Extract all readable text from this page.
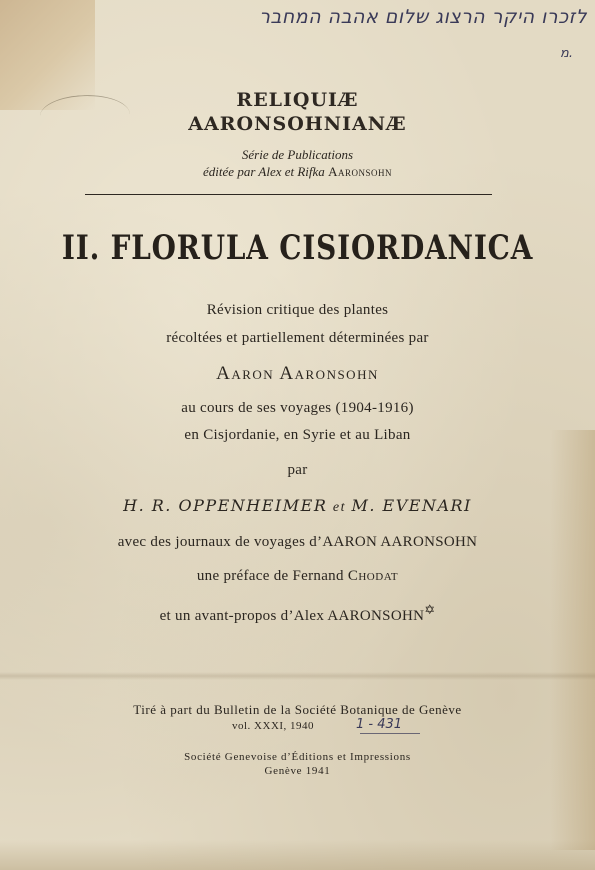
לזכרו היקר הרצוג שלום אהבה המחבר
מ.
RELIQUIÆ
AARONSOHNIANÆ
Série de Publications
éditée par Alex et Rifka Aaronsohn
II. FLORULA CISIORDANICA
Révision critique des plantes
récoltées et partiellement déterminées par
Aaron Aaronsohn
au cours de ses voyages (1904-1916)
en Cisjordanie, en Syrie et au Liban
par
H. R. OPPENHEIMER et M. EVENARI
avec des journaux de voyages d’AARON AARONSOHN
une préface de Fernand Chodat
et un avant-propos d’Alex AARONSOHN✡
Tiré à part du Bulletin de la Société Botanique de Genève
vol. XXXI, 1940	1 - 431
Société Genevoise d’Éditions et Impressions
Genève 1941
